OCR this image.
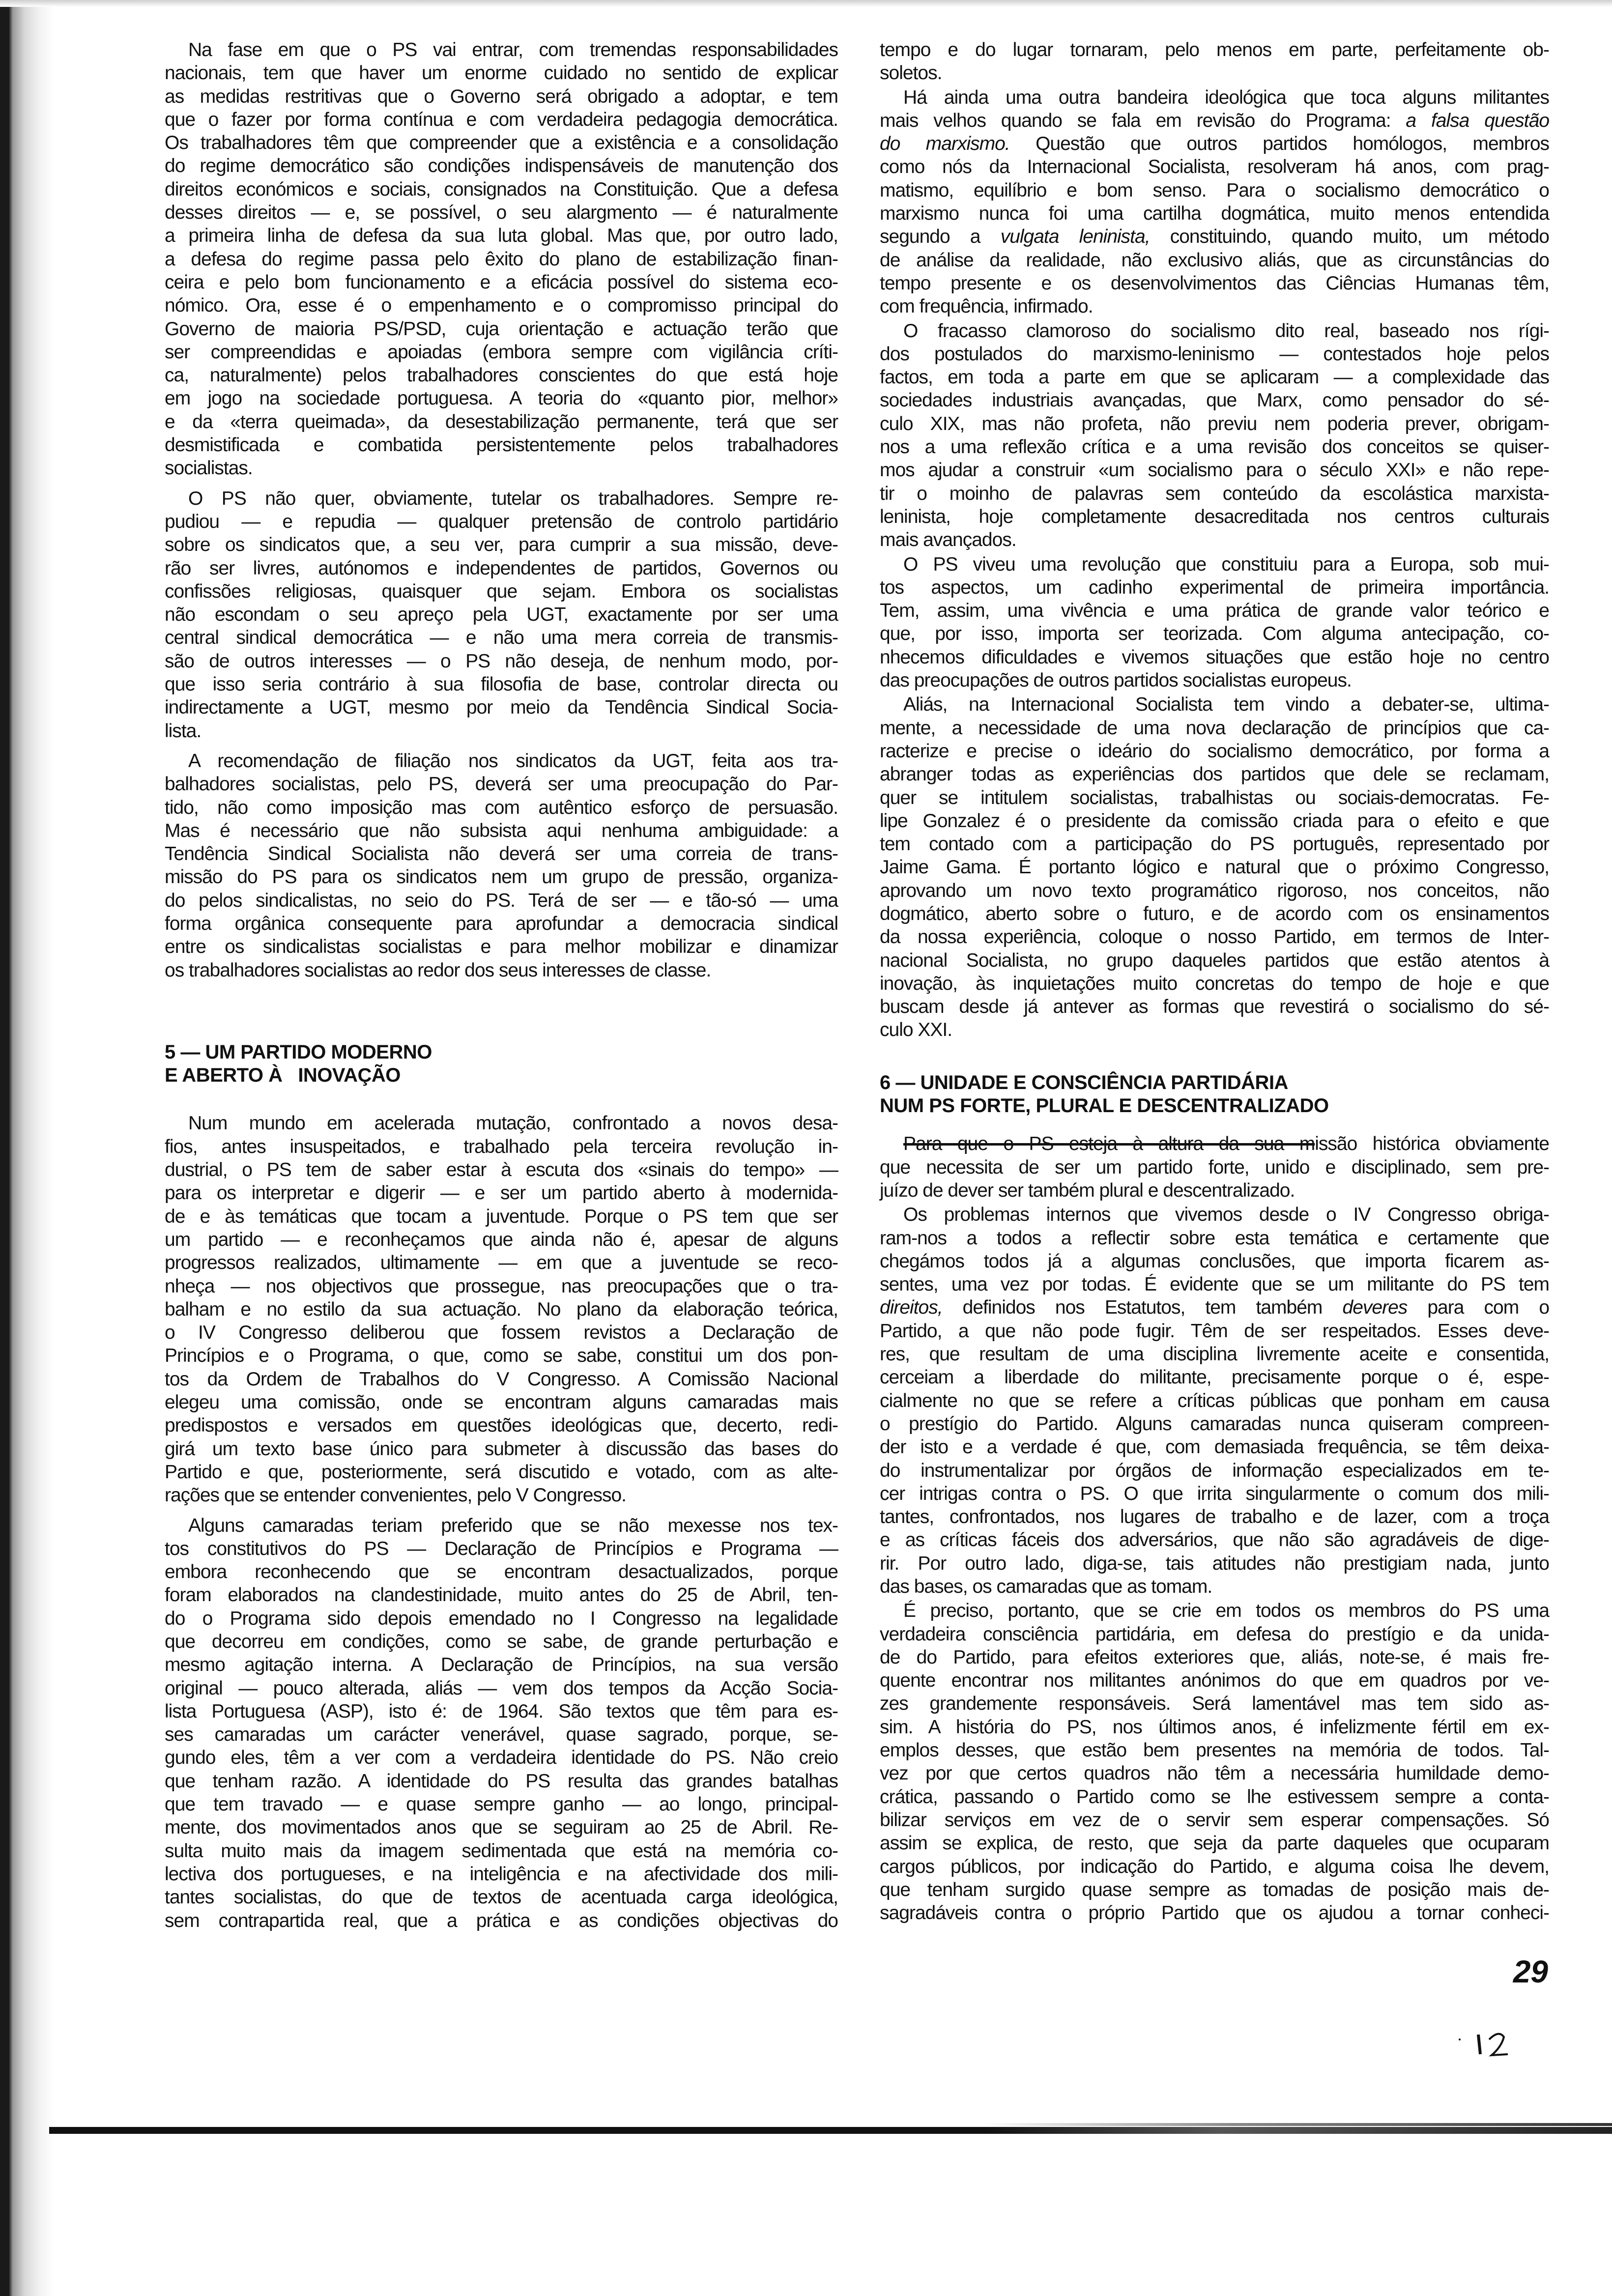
Na fase em que o PS vai entrar, com tremendas responsabilidades
nacionais, tem que haver um enorme cuidado no sentido de explicar
as medidas restritivas que o Governo será obrigado a adoptar, e tem
que o fazer por forma contínua e com verdadeira pedagogia democrática.
Os trabalhadores têm que compreender que a existência e a consolidação
do regime democrático são condições indispensáveis de manutenção dos
direitos económicos e sociais, consignados na Constituição. Que a defesa
desses direitos — e, se possível, o seu alargmento — é naturalmente
a primeira linha de defesa da sua luta global. Mas que, por outro lado,
a defesa do regime passa pelo êxito do plano de estabilização finan-
ceira e pelo bom funcionamento e a eficácia possível do sistema eco-
nómico. Ora, esse é o empenhamento e o compromisso principal do
Governo de maioria PS/PSD, cuja orientação e actuação terão que
ser compreendidas e apoiadas (embora sempre com vigilância críti-
ca, naturalmente) pelos trabalhadores conscientes do que está hoje
em jogo na sociedade portuguesa. A teoria do «quanto pior, melhor»
e da «terra queimada», da desestabilização permanente, terá que ser
desmistificada e combatida persistentemente pelos trabalhadores
socialistas.
O PS não quer, obviamente, tutelar os trabalhadores. Sempre re-
pudiou — e repudia — qualquer pretensão de controlo partidário
sobre os sindicatos que, a seu ver, para cumprir a sua missão, deve-
rão ser livres, autónomos e independentes de partidos, Governos ou
confissões religiosas, quaisquer que sejam. Embora os socialistas
não escondam o seu apreço pela UGT, exactamente por ser uma
central sindical democrática — e não uma mera correia de transmis-
são de outros interesses — o PS não deseja, de nenhum modo, por-
que isso seria contrário à sua filosofia de base, controlar directa ou
indirectamente a UGT, mesmo por meio da Tendência Sindical Socia-
lista.
A recomendação de filiação nos sindicatos da UGT, feita aos tra-
balhadores socialistas, pelo PS, deverá ser uma preocupação do Par-
tido, não como imposição mas com autêntico esforço de persuasão.
Mas é necessário que não subsista aqui nenhuma ambiguidade: a
Tendência Sindical Socialista não deverá ser uma correia de trans-
missão do PS para os sindicatos nem um grupo de pressão, organiza-
do pelos sindicalistas, no seio do PS. Terá de ser — e tão-só — uma
forma orgânica consequente para aprofundar a democracia sindical
entre os sindicalistas socialistas e para melhor mobilizar e dinamizar
os trabalhadores socialistas ao redor dos seus interesses de classe.
5 — UM PARTIDO MODERNO
E ABERTO À   INOVAÇÃO
Num mundo em acelerada mutação, confrontado a novos desa-
fios, antes insuspeitados, e trabalhado pela terceira revolução in-
dustrial, o PS tem de saber estar à escuta dos «sinais do tempo» —
para os interpretar e digerir — e ser um partido aberto à modernida-
de e às temáticas que tocam a juventude. Porque o PS tem que ser
um partido — e reconheçamos que ainda não é, apesar de alguns
progressos realizados, ultimamente — em que a juventude se reco-
nheça — nos objectivos que prossegue, nas preocupações que o tra-
balham e no estilo da sua actuação. No plano da elaboração teórica,
o IV Congresso deliberou que fossem revistos a Declaração de
Princípios e o Programa, o que, como se sabe, constitui um dos pon-
tos da Ordem de Trabalhos do V Congresso. A Comissão Nacional
elegeu uma comissão, onde se encontram alguns camaradas mais
predispostos e versados em questões ideológicas que, decerto, redi-
girá um texto base único para submeter à discussão das bases do
Partido e que, posteriormente, será discutido e votado, com as alte-
rações que se entender convenientes, pelo V Congresso.
Alguns camaradas teriam preferido que se não mexesse nos tex-
tos constitutivos do PS — Declaração de Princípios e Programa —
embora reconhecendo que se encontram desactualizados, porque
foram elaborados na clandestinidade, muito antes do 25 de Abril, ten-
do o Programa sido depois emendado no I Congresso na legalidade
que decorreu em condições, como se sabe, de grande perturbação e
mesmo agitação interna. A Declaração de Princípios, na sua versão
original — pouco alterada, aliás — vem dos tempos da Acção Socia-
lista Portuguesa (ASP), isto é: de 1964. São textos que têm para es-
ses camaradas um carácter venerável, quase sagrado, porque, se-
gundo eles, têm a ver com a verdadeira identidade do PS. Não creio
que tenham razão. A identidade do PS resulta das grandes batalhas
que tem travado — e quase sempre ganho — ao longo, principal-
mente, dos movimentados anos que se seguiram ao 25 de Abril. Re-
sulta muito mais da imagem sedimentada que está na memória co-
lectiva dos portugueses, e na inteligência e na afectividade dos mili-
tantes socialistas, do que de textos de acentuada carga ideológica,
sem contrapartida real, que a prática e as condições objectivas do
tempo e do lugar tornaram, pelo menos em parte, perfeitamente ob-
soletos.
Há ainda uma outra bandeira ideológica que toca alguns militantes
mais velhos quando se fala em revisão do Programa: a falsa questão
do marxismo. Questão que outros partidos homólogos, membros
como nós da Internacional Socialista, resolveram há anos, com prag-
matismo, equilíbrio e bom senso. Para o socialismo democrático o
marxismo nunca foi uma cartilha dogmática, muito menos entendida
segundo a vulgata leninista, constituindo, quando muito, um método
de análise da realidade, não exclusivo aliás, que as circunstâncias do
tempo presente e os desenvolvimentos das Ciências Humanas têm,
com frequência, infirmado.
O fracasso clamoroso do socialismo dito real, baseado nos rígi-
dos postulados do marxismo-leninismo — contestados hoje pelos
factos, em toda a parte em que se aplicaram — a complexidade das
sociedades industriais avançadas, que Marx, como pensador do sé-
culo XIX, mas não profeta, não previu nem poderia prever, obrigam-
nos a uma reflexão crítica e a uma revisão dos conceitos se quiser-
mos ajudar a construir «um socialismo para o século XXI» e não repe-
tir o moinho de palavras sem conteúdo da escolástica marxista-
leninista, hoje completamente desacreditada nos centros culturais
mais avançados.
O PS viveu uma revolução que constituiu para a Europa, sob mui-
tos aspectos, um cadinho experimental de primeira importância.
Tem, assim, uma vivência e uma prática de grande valor teórico e
que, por isso, importa ser teorizada. Com alguma antecipação, co-
nhecemos dificuldades e vivemos situações que estão hoje no centro
das preocupações de outros partidos socialistas europeus.
Aliás, na Internacional Socialista tem vindo a debater-se, ultima-
mente, a necessidade de uma nova declaração de princípios que ca-
racterize e precise o ideário do socialismo democrático, por forma a
abranger todas as experiências dos partidos que dele se reclamam,
quer se intitulem socialistas, trabalhistas ou sociais-democratas. Fe-
lipe Gonzalez é o presidente da comissão criada para o efeito e que
tem contado com a participação do PS português, representado por
Jaime Gama. É portanto lógico e natural que o próximo Congresso,
aprovando um novo texto programático rigoroso, nos conceitos, não
dogmático, aberto sobre o futuro, e de acordo com os ensinamentos
da nossa experiência, coloque o nosso Partido, em termos de Inter-
nacional Socialista, no grupo daqueles partidos que estão atentos à
inovação, às inquietações muito concretas do tempo de hoje e que
buscam desde já antever as formas que revestirá o socialismo do sé-
culo XXI.
6 — UNIDADE E CONSCIÊNCIA PARTIDÁRIA
NUM PS FORTE, PLURAL E DESCENTRALIZADO
Para que o PS esteja à altura da sua missão histórica obviamente
que necessita de ser um partido forte, unido e disciplinado, sem pre-
juízo de dever ser também plural e descentralizado.
Os problemas internos que vivemos desde o IV Congresso obriga-
ram-nos a todos a reflectir sobre esta temática e certamente que
chegámos todos já a algumas conclusões, que importa ficarem as-
sentes, uma vez por todas. É evidente que se um militante do PS tem
direitos, definidos nos Estatutos, tem também deveres para com o
Partido, a que não pode fugir. Têm de ser respeitados. Esses deve-
res, que resultam de uma disciplina livremente aceite e consentida,
cerceiam a liberdade do militante, precisamente porque o é, espe-
cialmente no que se refere a críticas públicas que ponham em causa
o prestígio do Partido. Alguns camaradas nunca quiseram compreen-
der isto e a verdade é que, com demasiada frequência, se têm deixa-
do instrumentalizar por órgãos de informação especializados em te-
cer intrigas contra o PS. O que irrita singularmente o comum dos mili-
tantes, confrontados, nos lugares de trabalho e de lazer, com a troça
e as críticas fáceis dos adversários, que não são agradáveis de dige-
rir. Por outro lado, diga-se, tais atitudes não prestigiam nada, junto
das bases, os camaradas que as tomam.
É preciso, portanto, que se crie em todos os membros do PS uma
verdadeira consciência partidária, em defesa do prestígio e da unida-
de do Partido, para efeitos exteriores que, aliás, note-se, é mais fre-
quente encontrar nos militantes anónimos do que em quadros por ve-
zes grandemente responsáveis. Será lamentável mas tem sido as-
sim. A história do PS, nos últimos anos, é infelizmente fértil em ex-
emplos desses, que estão bem presentes na memória de todos. Tal-
vez por que certos quadros não têm a necessária humildade demo-
crática, passando o Partido como se lhe estivessem sempre a conta-
bilizar serviços em vez de o servir sem esperar compensações. Só
assim se explica, de resto, que seja da parte daqueles que ocuparam
cargos públicos, por indicação do Partido, e alguma coisa lhe devem,
que tenham surgido quase sempre as tomadas de posição mais de-
sagradáveis contra o próprio Partido que os ajudou a tornar conheci-
29
